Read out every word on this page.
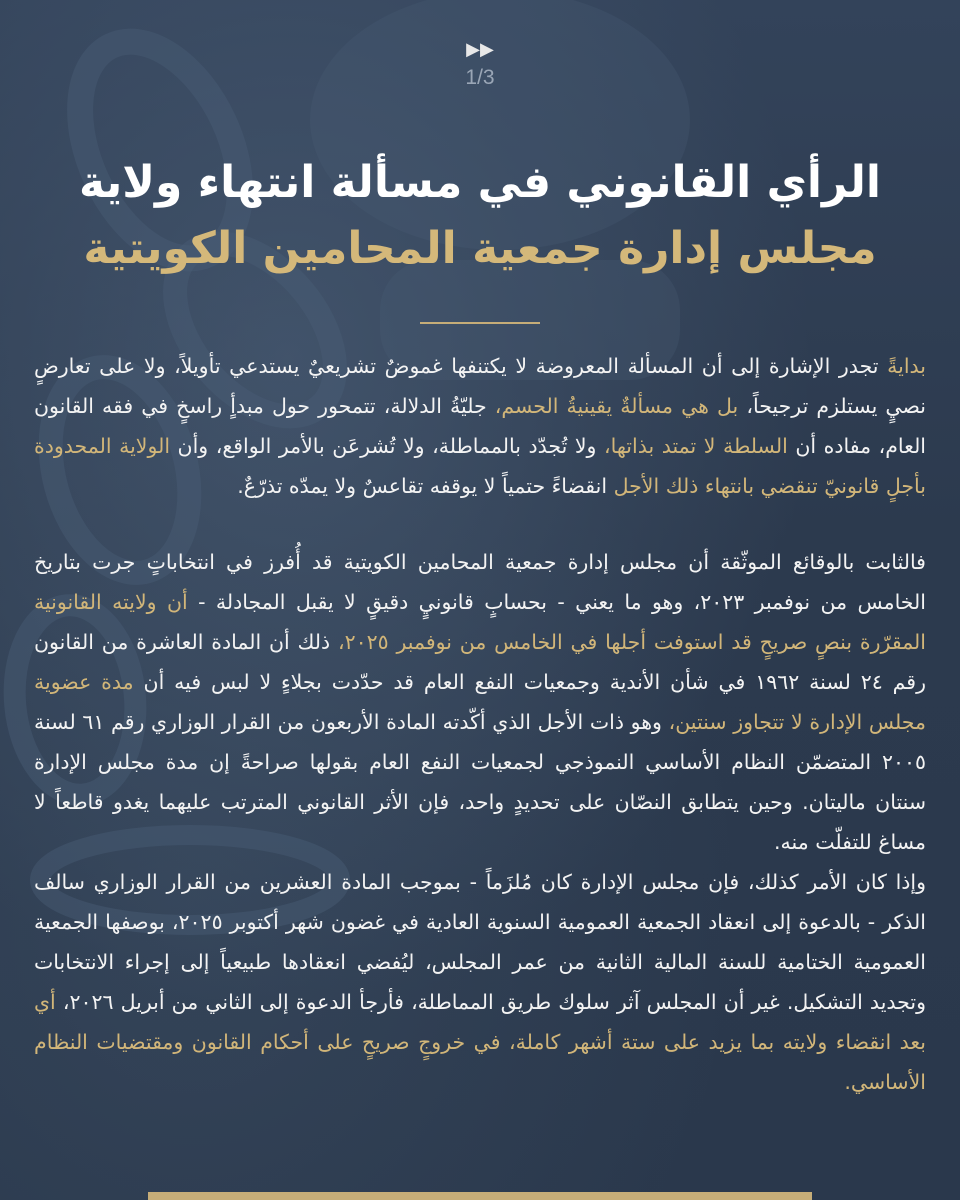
▶▶
1/3
الرأي القانوني في مسألة انتهاء ولاية
مجلس إدارة جمعية المحامين الكويتية

بدايةً تجدر الإشارة إلى أن المسألة المعروضة لا يكتنفها غموضٌ تشريعيٌ يستدعي تأويلاً، ولا على تعارضٍ نصيٍ يستلزم ترجيحاً، بل هي مسألةٌ يقينيةُ الحسم، جليّةُ الدلالة، تتمحور حول مبدأٍ راسخٍ في فقه القانون العام، مفاده أن السلطة لا تمتد بذاتها، ولا تُجدّد بالمماطلة، ولا تُشرعَن بالأمر الواقع، وأن الولاية المحدودة بأجلٍ قانونيّ تنقضي بانتهاء ذلك الأجل انقضاءً حتمياً لا يوقفه تقاعسٌ ولا يمدّه تذرّعٌ.

فالثابت بالوقائع الموثّقة أن مجلس إدارة جمعية المحامين الكويتية قد أُفرز في انتخاباتٍ جرت بتاريخ الخامس من نوفمبر ٢٠٢٣، وهو ما يعني - بحسابٍ قانونيٍ دقيقٍ لا يقبل المجادلة - أن ولايته القانونية المقرّرة بنصٍ صريحٍ قد استوفت أجلها في الخامس من نوفمبر ٢٠٢٥، ذلك أن المادة العاشرة من القانون رقم ٢٤ لسنة ١٩٦٢ في شأن الأندية وجمعيات النفع العام قد حدّدت بجلاءٍ لا لبس فيه أن مدة عضوية مجلس الإدارة لا تتجاوز سنتين، وهو ذات الأجل الذي أكّدته المادة الأربعون من القرار الوزاري رقم ٦١ لسنة ٢٠٠٥ المتضمّن النظام الأساسي النموذجي لجمعيات النفع العام بقولها صراحةً إن مدة مجلس الإدارة سنتان ماليتان. وحين يتطابق النصّان على تحديدٍ واحد، فإن الأثر القانوني المترتب عليهما يغدو قاطعاً لا مساغ للتفلّت منه.

وإذا كان الأمر كذلك، فإن مجلس الإدارة كان مُلزَماً - بموجب المادة العشرين من القرار الوزاري سالف الذكر - بالدعوة إلى انعقاد الجمعية العمومية السنوية العادية في غضون شهر أكتوبر ٢٠٢٥، بوصفها الجمعية العمومية الختامية للسنة المالية الثانية من عمر المجلس، ليُفضي انعقادها طبيعياً إلى إجراء الانتخابات وتجديد التشكيل. غير أن المجلس آثر سلوك طريق المماطلة، فأرجأ الدعوة إلى الثاني من أبريل ٢٠٢٦، أي بعد انقضاء ولايته بما يزيد على ستة أشهر كاملة، في خروجٍ صريحٍ على أحكام القانون ومقتضيات النظام الأساسي.
